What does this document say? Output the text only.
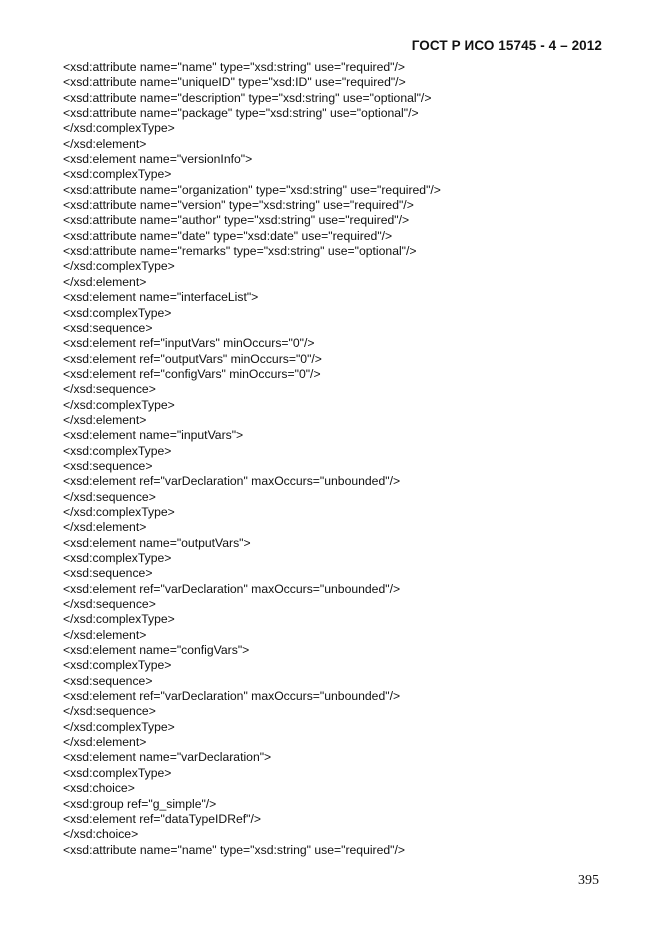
ГОСТ Р ИСО 15745 - 4 – 2012
<xsd:attribute name="name" type="xsd:string" use="required"/>
<xsd:attribute name="uniqueID" type="xsd:ID" use="required"/>
<xsd:attribute name="description" type="xsd:string" use="optional"/>
<xsd:attribute name="package" type="xsd:string" use="optional"/>
</xsd:complexType>
</xsd:element>
<xsd:element name="versionInfo">
<xsd:complexType>
<xsd:attribute name="organization" type="xsd:string" use="required"/>
<xsd:attribute name="version" type="xsd:string" use="required"/>
<xsd:attribute name="author" type="xsd:string" use="required"/>
<xsd:attribute name="date" type="xsd:date" use="required"/>
<xsd:attribute name="remarks" type="xsd:string" use="optional"/>
</xsd:complexType>
</xsd:element>
<xsd:element name="interfaceList">
<xsd:complexType>
<xsd:sequence>
<xsd:element ref="inputVars" minOccurs="0"/>
<xsd:element ref="outputVars" minOccurs="0"/>
<xsd:element ref="configVars" minOccurs="0"/>
</xsd:sequence>
</xsd:complexType>
</xsd:element>
<xsd:element name="inputVars">
<xsd:complexType>
<xsd:sequence>
<xsd:element ref="varDeclaration" maxOccurs="unbounded"/>
</xsd:sequence>
</xsd:complexType>
</xsd:element>
<xsd:element name="outputVars">
<xsd:complexType>
<xsd:sequence>
<xsd:element ref="varDeclaration" maxOccurs="unbounded"/>
</xsd:sequence>
</xsd:complexType>
</xsd:element>
<xsd:element name="configVars">
<xsd:complexType>
<xsd:sequence>
<xsd:element ref="varDeclaration" maxOccurs="unbounded"/>
</xsd:sequence>
</xsd:complexType>
</xsd:element>
<xsd:element name="varDeclaration">
<xsd:complexType>
<xsd:choice>
<xsd:group ref="g_simple"/>
<xsd:element ref="dataTypeIDRef"/>
</xsd:choice>
<xsd:attribute name="name" type="xsd:string" use="required"/>
395
